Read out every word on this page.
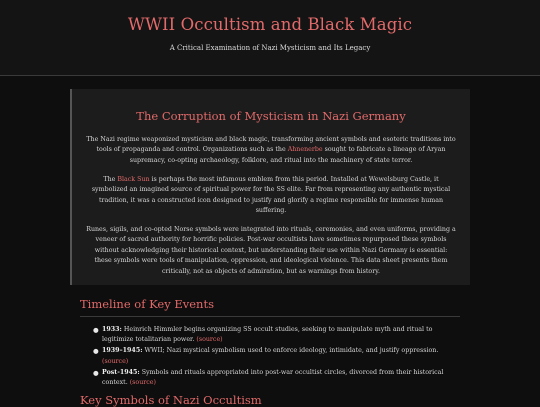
WWII Occultism and Black Magic

A Critical Examination of Nazi Mysticism and Its Legacy

The Corruption of Mysticism in Nazi Germany

The Nazi regime weaponized mysticism and black magic, transforming ancient symbols and esoteric traditions into tools of propaganda and control. Organizations such as the Ahnenerbe sought to fabricate a lineage of Aryan supremacy, co-opting archaeology, folklore, and ritual into the machinery of state terror.

The Black Sun is perhaps the most infamous emblem from this period. Installed at Wewelsburg Castle, it symbolized an imagined source of spiritual power for the SS elite. Far from representing any authentic mystical tradition, it was a constructed icon designed to justify and glorify a regime responsible for immense human suffering.

Runes, sigils, and co-opted Norse symbols were integrated into rituals, ceremonies, and even uniforms, providing a veneer of sacred authority for horrific policies. Post-war occultists have sometimes repurposed these symbols without acknowledging their historical context, but understanding their use within Nazi Germany is essential: these symbols were tools of manipulation, oppression, and ideological violence. This data sheet presents them critically, not as objects of admiration, but as warnings from history.

Timeline of Key Events
● 1933: Heinrich Himmler begins organizing SS occult studies, seeking to manipulate myth and ritual to legitimize totalitarian power. (source)
● 1939–1945: WWII; Nazi mystical symbolism used to enforce ideology, intimidate, and justify oppression. (source)
● Post-1945: Symbols and rituals appropriated into post-war occultist circles, divorced from their historical context. (source)
Key Symbols of Nazi Occultism
